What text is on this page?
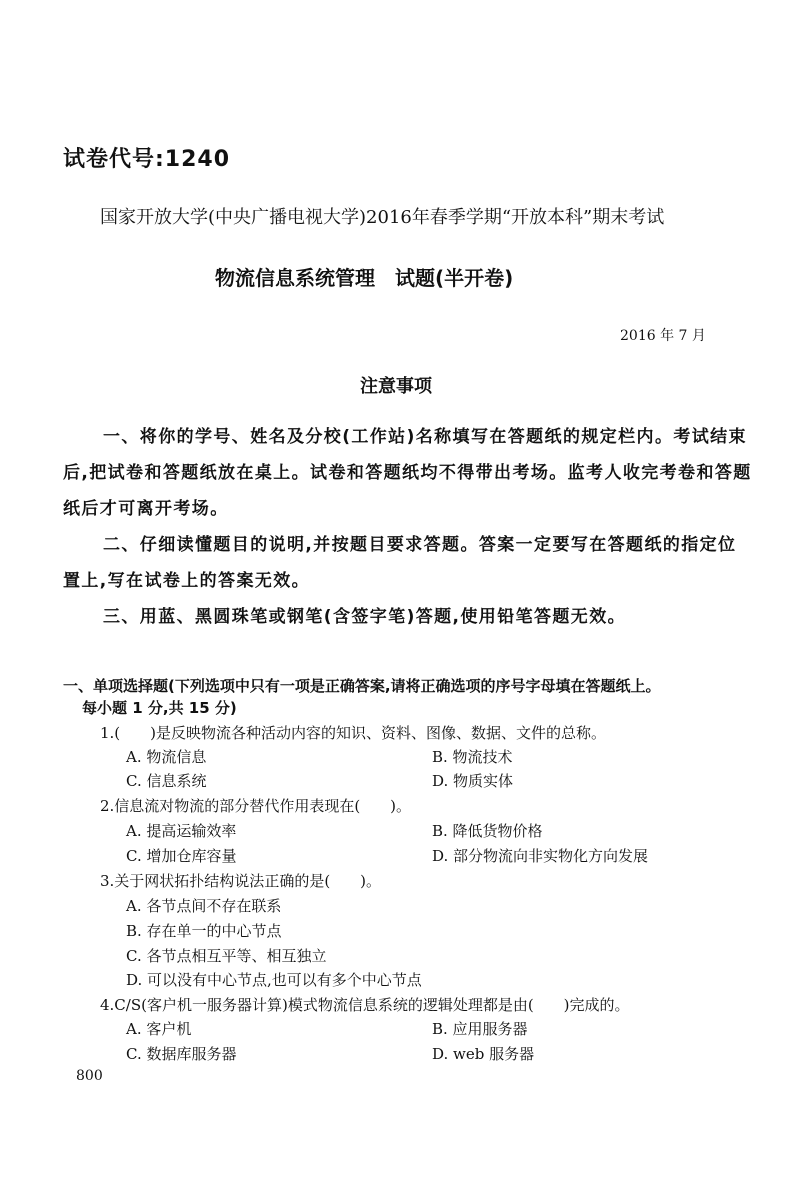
试卷代号:1240
国家开放大学(中央广播电视大学)2016年春季学期“开放本科”期末考试
物流信息系统管理　试题(半开卷)
2016 年 7 月
注意事项
一、将你的学号、姓名及分校(工作站)名称填写在答题纸的规定栏内。考试结束后,把试卷和答题纸放在桌上。试卷和答题纸均不得带出考场。监考人收完考卷和答题纸后才可离开考场。
二、仔细读懂题目的说明,并按题目要求答题。答案一定要写在答题纸的指定位置上,写在试卷上的答案无效。
三、用蓝、黑圆珠笔或钢笔(含签字笔)答题,使用铅笔答题无效。
一、单项选择题(下列选项中只有一项是正确答案,请将正确选项的序号字母填在答题纸上。
每小题 1 分,共 15 分)
1.(　　)是反映物流各种活动内容的知识、资料、图像、数据、文件的总称。
A. 物流信息	B. 物流技术
C. 信息系统	D. 物质实体
2.信息流对物流的部分替代作用表现在(　　)。
A. 提高运输效率	B. 降低货物价格
C. 增加仓库容量	D. 部分物流向非实物化方向发展
3.关于网状拓扑结构说法正确的是(　　)。
A. 各节点间不存在联系
B. 存在单一的中心节点
C. 各节点相互平等、相互独立
D. 可以没有中心节点,也可以有多个中心节点
4.C/S(客户机一服务器计算)模式物流信息系统的逻辑处理都是由(　　)完成的。
A. 客户机	B. 应用服务器
C. 数据库服务器	D. web 服务器
800
